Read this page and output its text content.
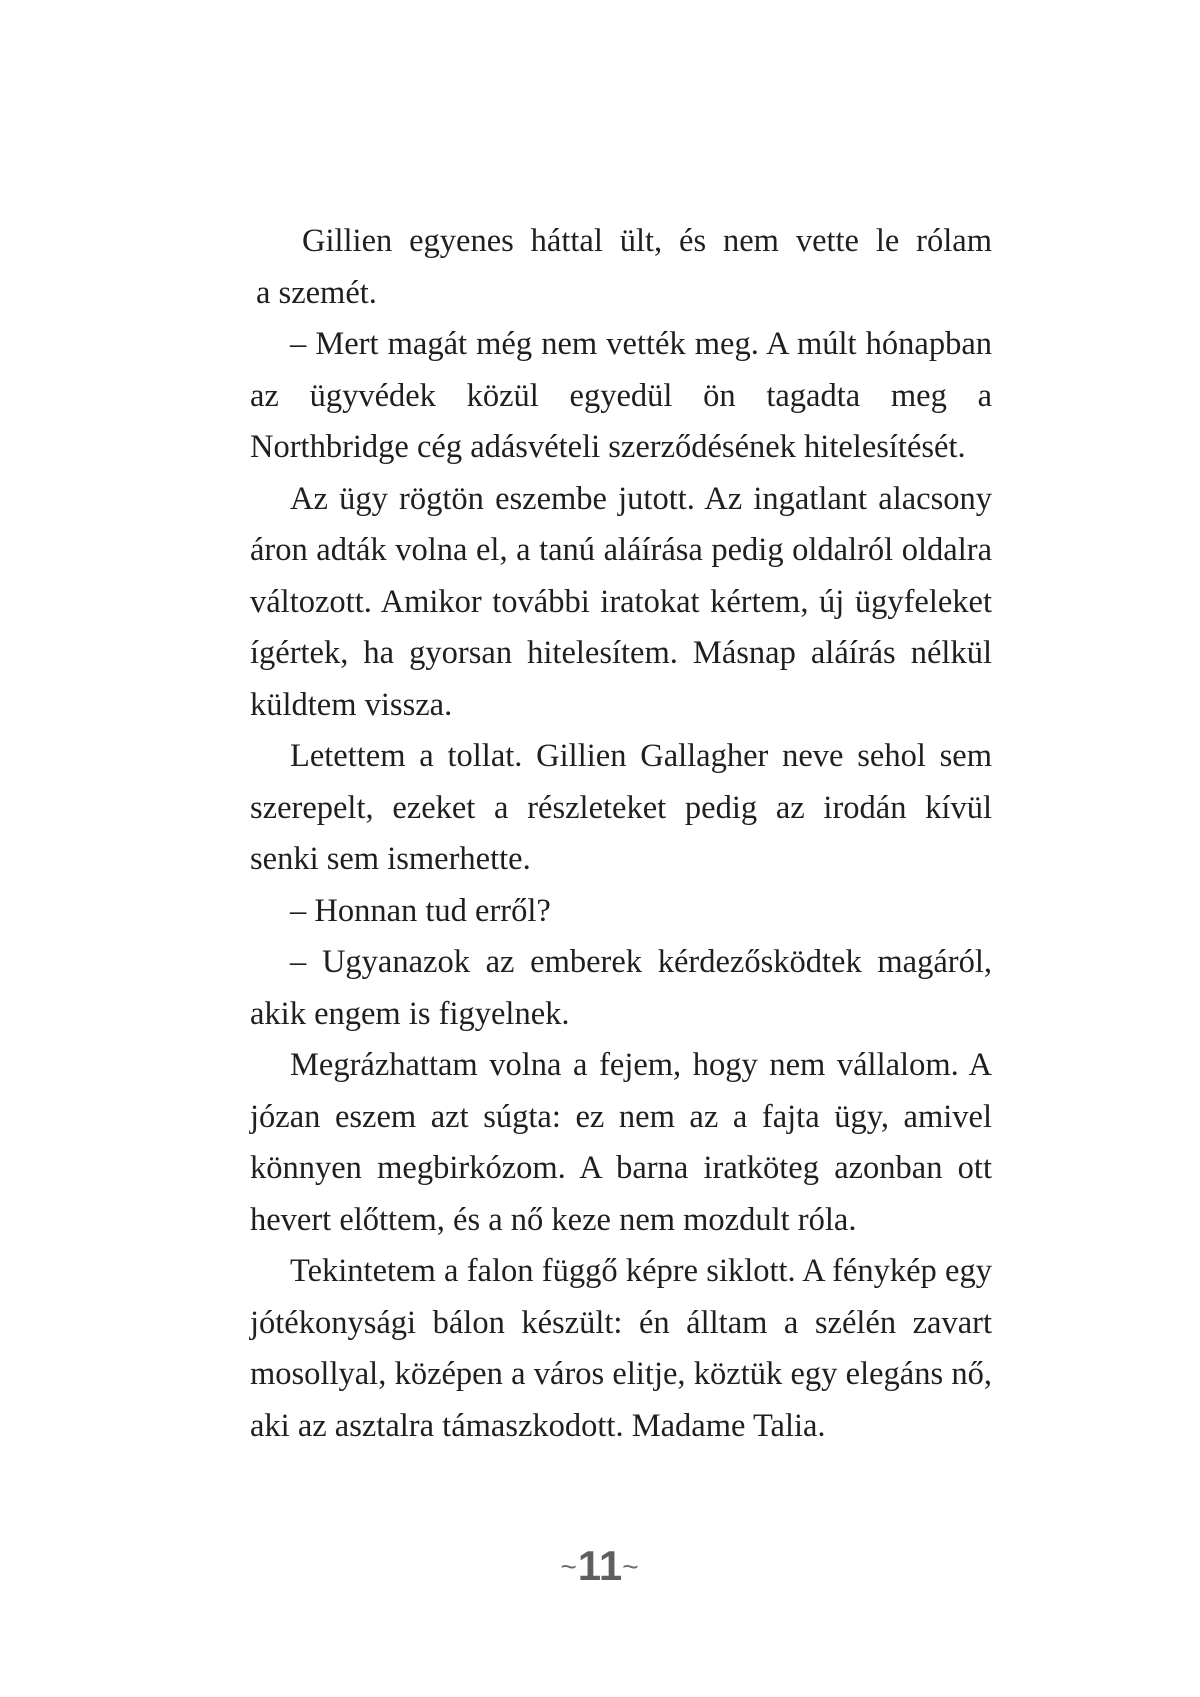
Gillien egyenes háttal ült, és nem vette le rólam
a szemét.

– Mert magát még nem vették meg. A múlt hónapban az ügyvédek közül egyedül ön tagadta meg a Northbridge cég adásvételi szerződésének hitelesítését.

Az ügy rögtön eszembe jutott. Az ingatlant alacsony áron adták volna el, a tanú aláírása pedig oldalról oldalra változott. Amikor további iratokat kértem, új ügyfeleket ígértek, ha gyorsan hitelesítem. Másnap aláírás nélkül küldtem vissza.

Letettem a tollat. Gillien Gallagher neve sehol sem szerepelt, ezeket a részleteket pedig az irodán kívül senki sem ismerhette.

– Honnan tud erről?

– Ugyanazok az emberek kérdezősködtek magáról, akik engem is figyelnek.

Megrázhattam volna a fejem, hogy nem vállalom. A józan eszem azt súgta: ez nem az a fajta ügy, amivel könnyen megbirkózom. A barna iratköteg azonban ott hevert előttem, és a nő keze nem mozdult róla.

Tekintetem a falon függő képre siklott. A fénykép egy jótékonysági bálon készült: én álltam a szélén zavart mosollyal, középen a város elitje, köztük egy elegáns nő, aki az asztalra támaszkodott. Madame Talia.

~11~
